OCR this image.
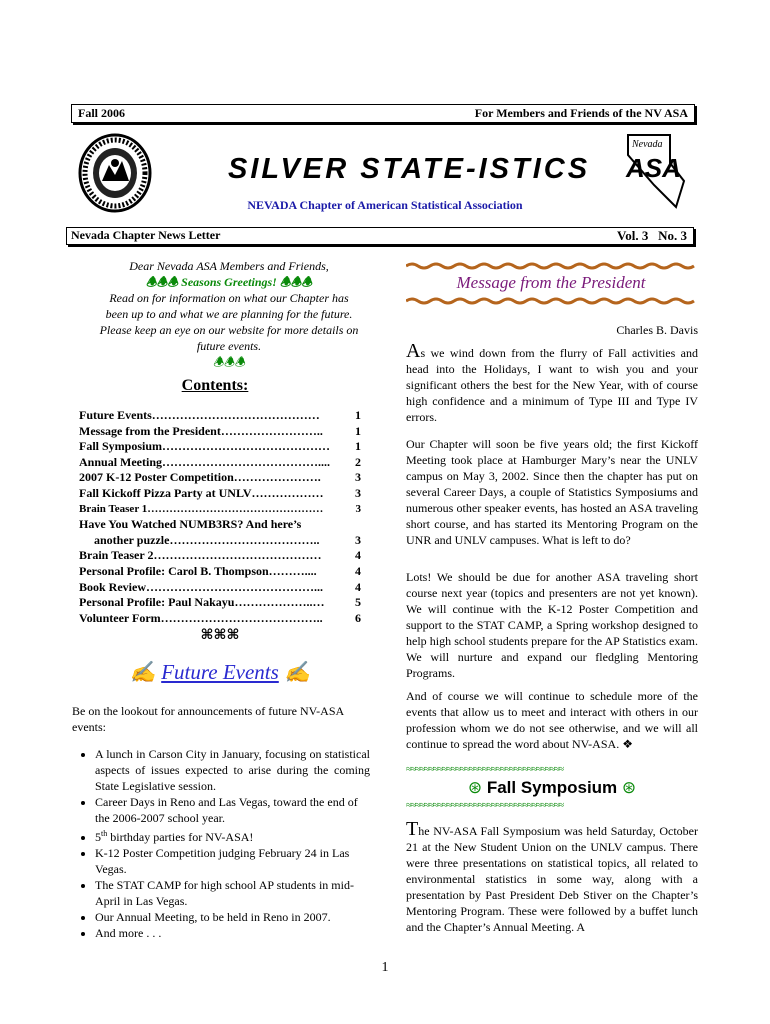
Fall 2006	For Members and Friends of the NV ASA
SILVER STATE-ISTICS
NEVADA Chapter of American Statistical Association
Nevada
ASA
Nevada Chapter News Letter	Vol. 3   No. 3
Dear Nevada ASA Members and Friends,
🕭🕭🕭 Seasons Greetings! 🕭🕭🕭
Read on for information on what our Chapter has been up to and what we are planning for the future. Please keep an eye on our website for more details on future events.
🕭🕭🕭
Contents:
Future Events……………………………………	1
Message from the President……………………..	1
Fall Symposium……………………………………	1
Annual Meeting…………………………………....	2
2007 K-12 Poster Competition………………….	3
Fall Kickoff Pizza Party at UNLV………………	3
Brain Teaser 1…………………………………………	3
Have You Watched NUMB3RS? And here’s
another puzzle………………………………..	3
Brain Teaser 2……………………………………	4
Personal Profile: Carol B. Thompson………....	4
Book Review……………………………………...	4
Personal Profile: Paul Nakayu………………..…	5
Volunteer Form…………………………………..	6
⌘⌘⌘
✍ Future Events ✍
Be on the lookout for announcements of future NV-ASA events:
• A lunch in Carson City in January, focusing on statistical aspects of issues expected to arise during the coming State Legislative session.
• Career Days in Reno and Las Vegas, toward the end of the 2006-2007 school year.
• 5th birthday parties for NV-ASA!
• K-12 Poster Competition judging February 24 in Las Vegas.
• The STAT CAMP for high school AP students in mid-April in Las Vegas.
• Our Annual Meeting, to be held in Reno in 2007.
• And more . . .
Message from the President
Charles B. Davis
As we wind down from the flurry of Fall activities and head into the Holidays, I want to wish you and your significant others the best for the New Year, with of course high confidence and a minimum of Type III and Type IV errors.
Our Chapter will soon be five years old; the first Kickoff Meeting took place at Hamburger Mary’s near the UNLV campus on May 3, 2002. Since then the chapter has put on several Career Days, a couple of Statistics Symposiums and numerous other speaker events, has hosted an ASA traveling short course, and has started its Mentoring Program on the UNR and UNLV campuses. What is left to do?
Lots! We should be due for another ASA traveling short course next year (topics and presenters are not yet known). We will continue with the K-12 Poster Competition and support to the STAT CAMP, a Spring workshop designed to help high school students prepare for the AP Statistics exam. We will nurture and expand our fledgling Mentoring Programs.
And of course we will continue to schedule more of the events that allow us to meet and interact with others in our profession whom we do not see otherwise, and we will all continue to spread the word about NV-ASA. ❖
≈≈≈≈≈≈≈≈≈≈≈≈≈≈≈≈≈≈≈≈≈≈≈≈≈≈≈≈≈≈≈≈≈≈≈
⊛ Fall Symposium ⊛
≈≈≈≈≈≈≈≈≈≈≈≈≈≈≈≈≈≈≈≈≈≈≈≈≈≈≈≈≈≈≈≈≈≈≈
The NV-ASA Fall Symposium was held Saturday, October 21 at the New Student Union on the UNLV campus. There were three presentations on statistical topics, all related to environmental statistics in some way, along with a presentation by Past President Deb Stiver on the Chapter’s Mentoring Program. These were followed by a buffet lunch and the Chapter’s Annual Meeting. A
1
